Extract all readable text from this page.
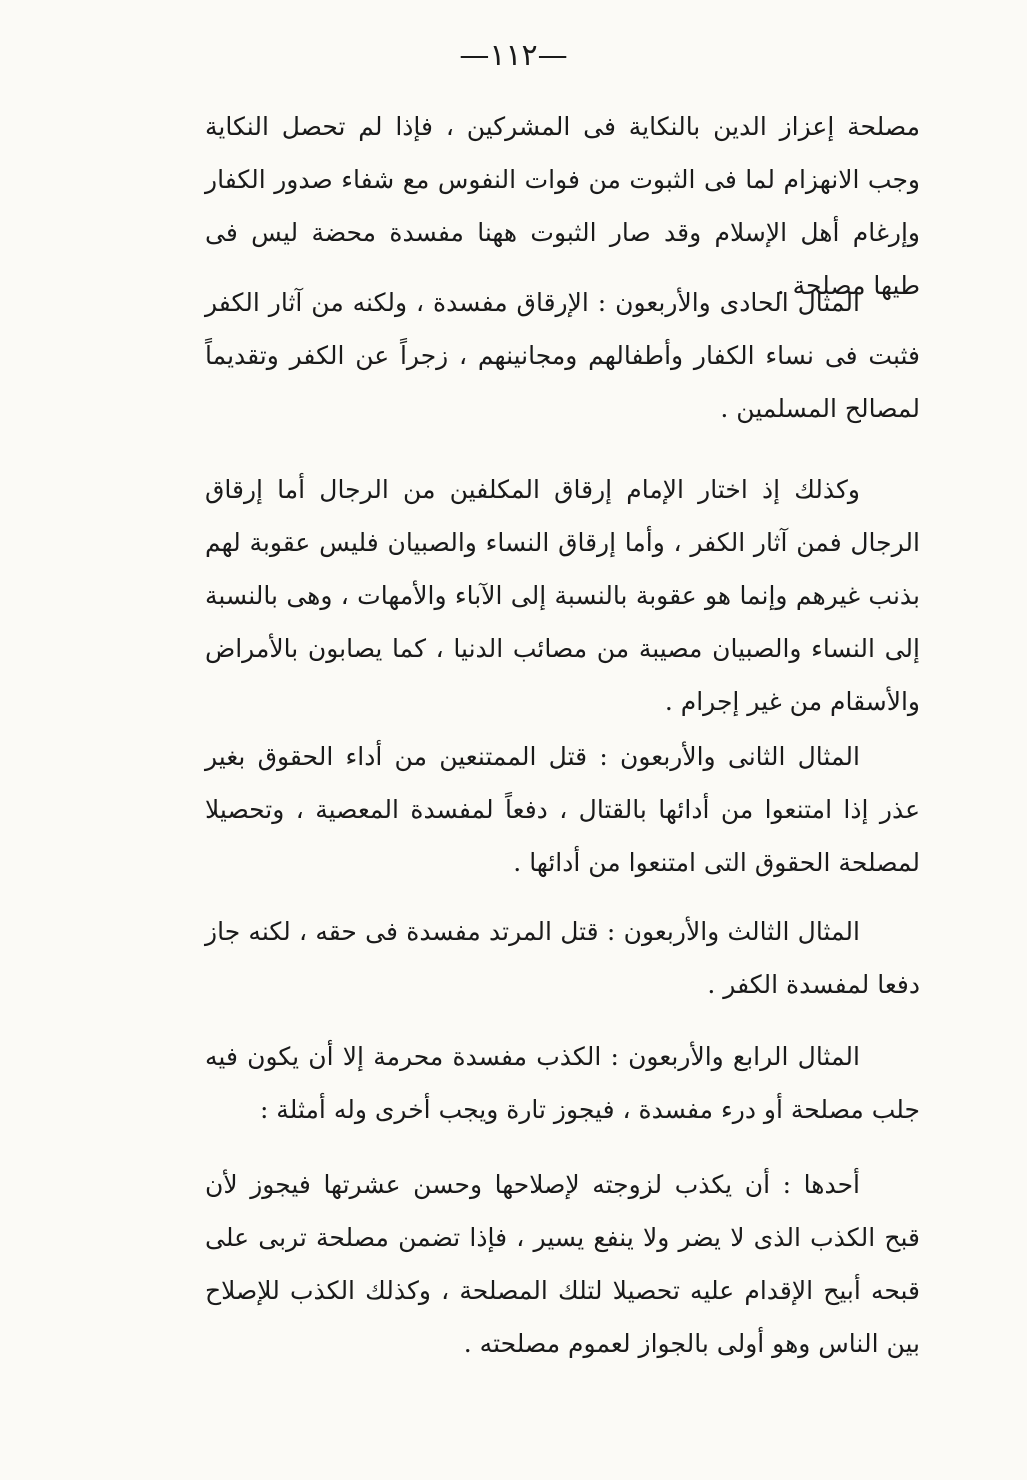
—١١٢—

مصلحة إعزاز الدين بالنكاية فى المشركين ، فإذا لم تحصل النكاية وجب الانهزام لما فى الثبوت من فوات النفوس مع شفاء صدور الكفار وإرغام أهل الإسلام وقد صار الثبوت ههنا مفسدة محضة ليس فى طيها مصلحة .

المثال الحادى والأربعون : الإرقاق مفسدة ، ولكنه من آثار الكفر فثبت فى نساء الكفار وأطفالهم ومجانينهم ، زجراً عن الكفر وتقديماً لمصالح المسلمين .

وكذلك إذ اختار الإمام إرقاق المكلفين من الرجال أما إرقاق الرجال فمن آثار الكفر ، وأما إرقاق النساء والصبيان فليس عقوبة لهم بذنب غيرهم وإنما هو عقوبة بالنسبة إلى الآباء والأمهات ، وهى بالنسبة إلى النساء والصبيان مصيبة من مصائب الدنيا ، كما يصابون بالأمراض والأسقام من غير إجرام .

المثال الثانى والأربعون : قتل الممتنعين من أداء الحقوق بغير عذر إذا امتنعوا من أدائها بالقتال ، دفعاً لمفسدة المعصية ، وتحصيلا لمصلحة الحقوق التى امتنعوا من أدائها .

المثال الثالث والأربعون : قتل المرتد مفسدة فى حقه ، لكنه جاز دفعا لمفسدة الكفر .

المثال الرابع والأربعون : الكذب مفسدة محرمة إلا أن يكون فيه جلب مصلحة أو درء مفسدة ، فيجوز تارة ويجب أخرى وله أمثلة :

أحدها : أن يكذب لزوجته لإصلاحها وحسن عشرتها فيجوز لأن قبح الكذب الذى لا يضر ولا ينفع يسير ، فإذا تضمن مصلحة تربى على قبحه أبيح الإقدام عليه تحصيلا لتلك المصلحة ، وكذلك الكذب للإصلاح بين الناس وهو أولى بالجواز لعموم مصلحته .
